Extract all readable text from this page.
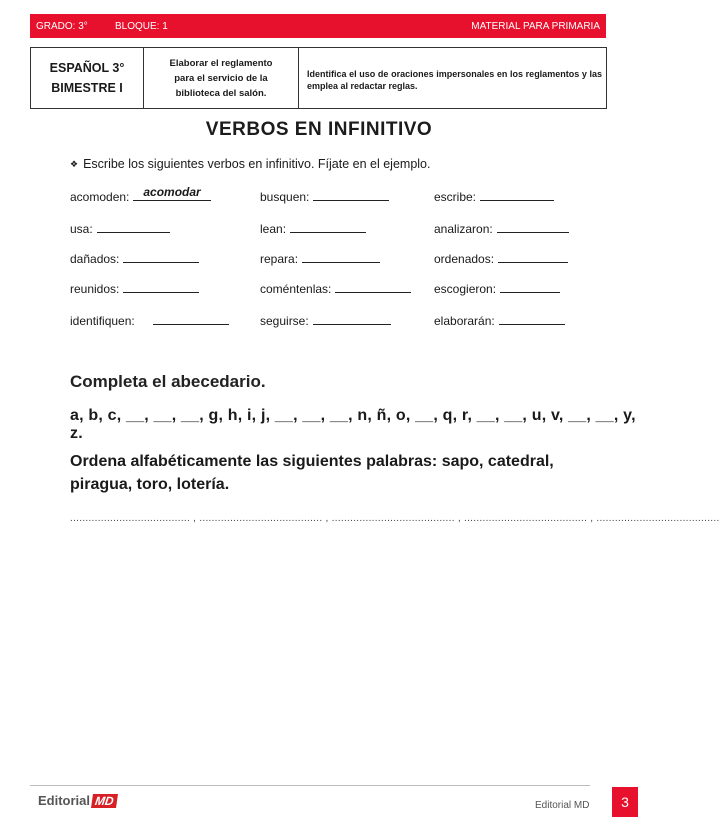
GRADO: 3°	BLOQUE: 1	MATERIAL PARA PRIMARIA
ESPAÑOL 3°
BIMESTRE I

Elaborar el reglamento
para el servicio de la
biblioteca del salón.

Identifica el uso de oraciones impersonales en los reglamentos y las emplea al redactar reglas.
VERBOS EN INFINITIVO
❖ Escribe los siguientes verbos en infinitivo. Fíjate en el ejemplo.
acomoden: acomodar	busquen:	escribe:
usa:	lean:	analizaron:
dañados:	repara:	ordenados:
reunidos:	coméntenlas:	escogieron:
identifiquen:	seguirse:	elaborarán:
Completa el abecedario.
a, b, c, __, __, __, g, h, i, j, __, __, __, n, ñ, o, __, q, r, __, __, u, v, __, __, y, z.
Ordena alfabéticamente las siguientes palabras: sapo, catedral, piragua, toro, lotería.
....................................... , ........................................ , ........................................ , ........................................ , ........................................
Editorial MD	Editorial MD	3
